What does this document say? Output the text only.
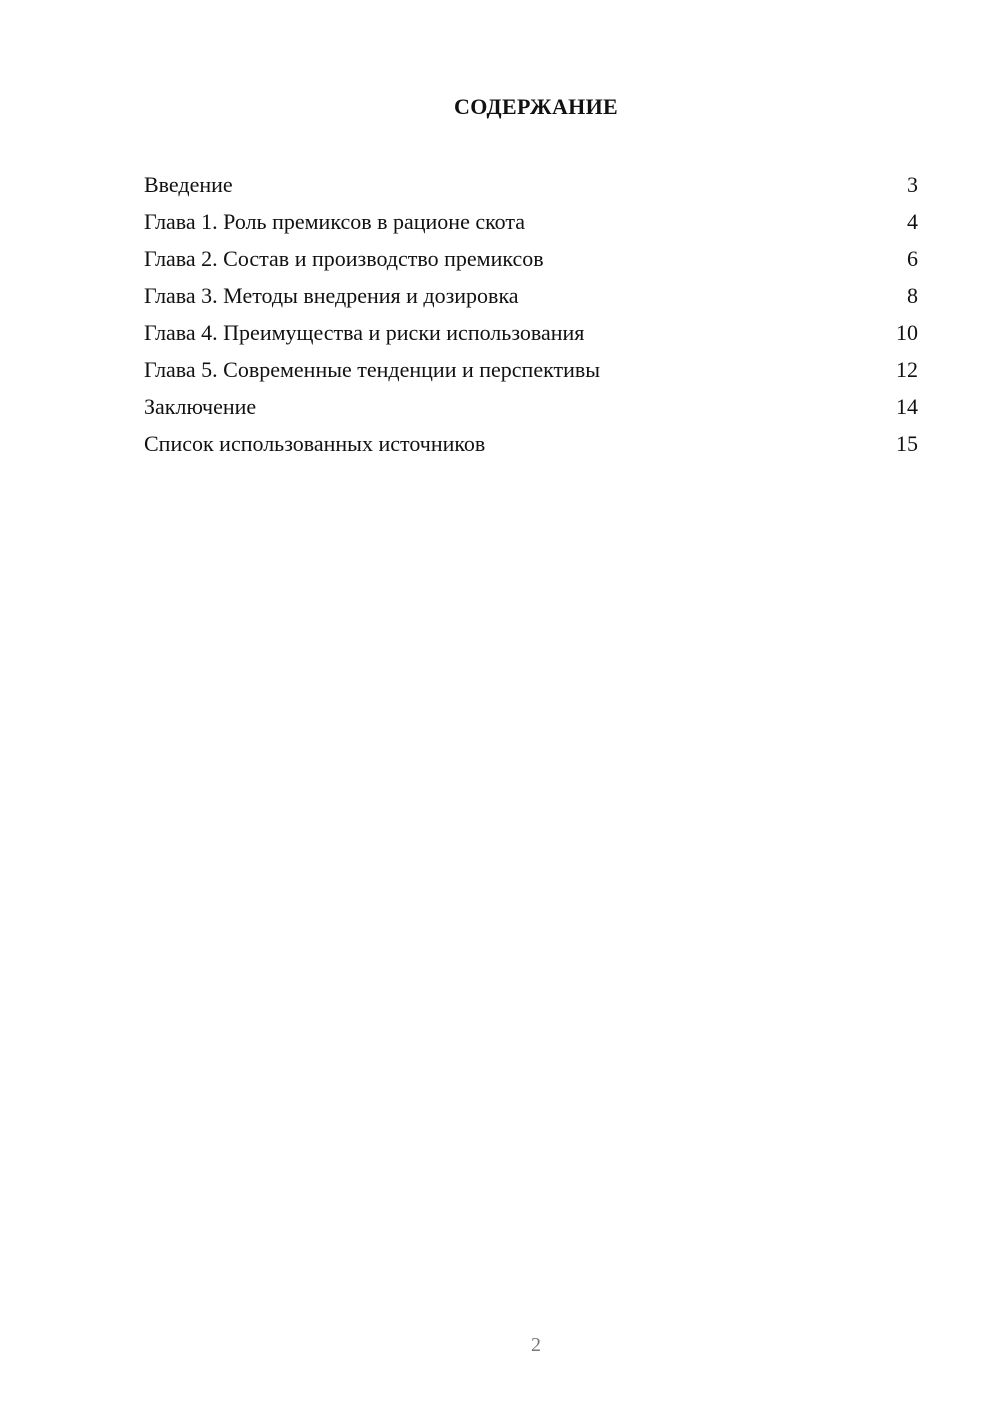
СОДЕРЖАНИЕ
Введение	3
Глава 1. Роль премиксов в рационе скота	4
Глава 2. Состав и производство премиксов	6
Глава 3. Методы внедрения и дозировка	8
Глава 4. Преимущества и риски использования	10
Глава 5. Современные тенденции и перспективы	12
Заключение	14
Список использованных источников	15
2
